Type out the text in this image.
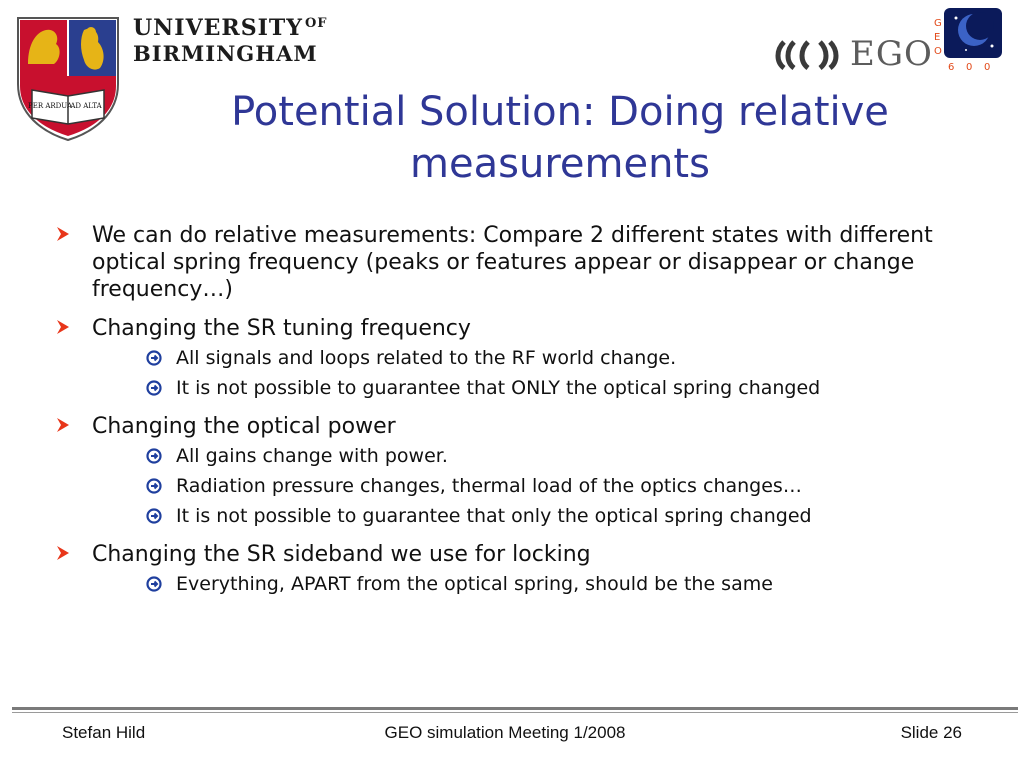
PER ARDUA
AD ALTA
UNIVERSITY $^{OF}$
BIRMINGHAM	EGO
G
E
O
6 0 0
Potential Solution: Doing relative measurements
We can do relative measurements: Compare 2 different states with different optical spring frequency (peaks or features appear or disappear or change frequency…)
Changing the SR tuning frequency
All signals and loops related to the RF world change.
It is not possible to guarantee that ONLY the optical spring changed
Changing the optical power
All gains change with power.
Radiation pressure changes, thermal load of the optics changes…
It is not possible to guarantee that only the optical spring changed
Changing the SR sideband we use for locking
Everything, APART from the optical spring, should be the same
Stefan Hild	GEO simulation Meeting 1/2008	Slide 26
